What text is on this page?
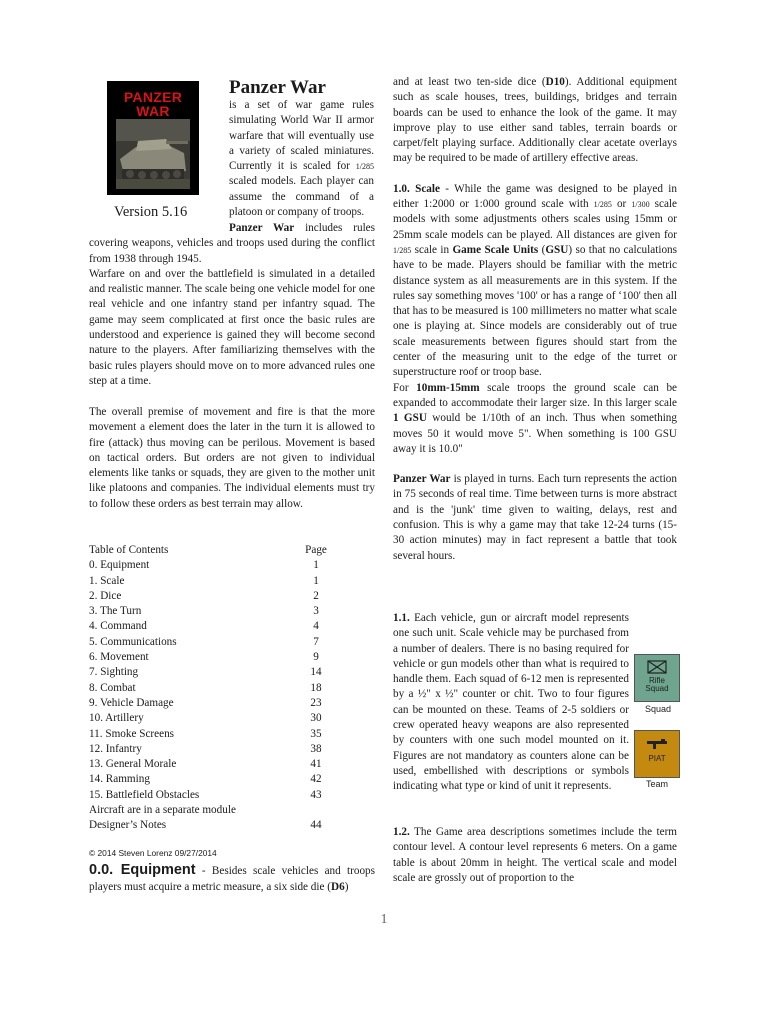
PANZER
WAR
Version 5.16
Panzer War
is a set of war game rules simulating World War II armor warfare that will eventually use a variety of scaled miniatures. Currently it is scaled for 1/285 scaled models. Each player can assume the command of a platoon or company of troops.

Panzer War includes rules covering weapons, vehicles and troops used during the conflict from 1938 through 1945.

Warfare on and over the battlefield is simulated in a detailed and realistic manner. The scale being one vehicle model for one real vehicle and one infantry stand per infantry squad. The game may seem complicated at first once the basic rules are understood and experience is gained they will become second nature to the players. After familiarizing themselves with the basic rules players should move on to more advanced rules one step at a time.

The overall premise of movement and fire is that the more movement a element does the later in the turn it is allowed to fire (attack) thus moving can be perilous. Movement is based on tactical orders. But orders are not given to individual elements like tanks or squads, they are given to the mother unit like platoons and companies. The individual elements must try to follow these orders as best terrain may allow.
Table of Contents	Page
0. Equipment	1
1. Scale	1
2. Dice	2
3. The Turn	3
4. Command	4
5. Communications	7
6. Movement	9
7. Sighting	14
8. Combat	18
9. Vehicle Damage	23
10. Artillery	30
11. Smoke Screens	35
12. Infantry	38
13. General Morale	41
14. Ramming	42
15. Battlefield Obstacles	43
Aircraft are in a separate module
Designer’s Notes	44
© 2014 Steven Lorenz 09/27/2014
0.0. Equipment - Besides scale vehicles and troops players must acquire a metric measure, a six side die (D6)

and at least two ten-side dice (D10). Additional equipment such as scale houses, trees, buildings, bridges and terrain boards can be used to enhance the look of the game. It may improve play to use either sand tables, terrain boards or carpet/felt playing surface. Additionally clear acetate overlays may be required to be made of artillery effective areas.

1.0. Scale - While the game was designed to be played in either 1:2000 or 1:000 ground scale with 1/285 or 1/300 scale models with some adjustments others scales using 15mm or 25mm scale models can be played. All distances are given for 1/285 scale in Game Scale Units (GSU) so that no calculations have to be made. Players should be familiar with the metric distance system as all measurements are in this system. If the rules say something moves '100' or has a range of ‘100' then all that has to be measured is 100 millimeters no matter what scale one is playing at. Since models are considerably out of true scale measurements between figures should start from the center of the measuring unit to the edge of the turret or superstructure roof or troop base.

For 10mm-15mm scale troops the ground scale can be expanded to accommodate their larger size. In this larger scale 1 GSU would be 1/10th of an inch. Thus when something moves 50 it would move 5". When something is 100 GSU away it is 10.0"

Panzer War is played in turns. Each turn represents the action in 75 seconds of real time. Time between turns is more abstract and is the 'junk' time given to waiting, delays, rest and confusion. This is why a game may that take 12-24 turns (15-30 action minutes) may in fact represent a battle that took several hours.

1.1. Each vehicle, gun or aircraft model represents one such unit. Scale vehicle may be purchased from a number of dealers. There is no basing required for vehicle or gun models other than what is required to handle them. Each squad of 6-12 men is represented by a ½" x ½" counter or chit. Two to four figures can be mounted on these. Teams of 2-5 soldiers or crew operated heavy weapons are also represented by counters with one such model mounted on it. Figures are not mandatory as counters alone can be used, embellished with descriptions or symbols indicating what type or kind of unit it represents.

Rifle
Squad
Squad
PIAT
Team
1.2. The Game area descriptions sometimes include the term contour level. A contour level represents 6 meters. On a game table is about 20mm in height. The vertical scale and model scale are grossly out of proportion to the
1
